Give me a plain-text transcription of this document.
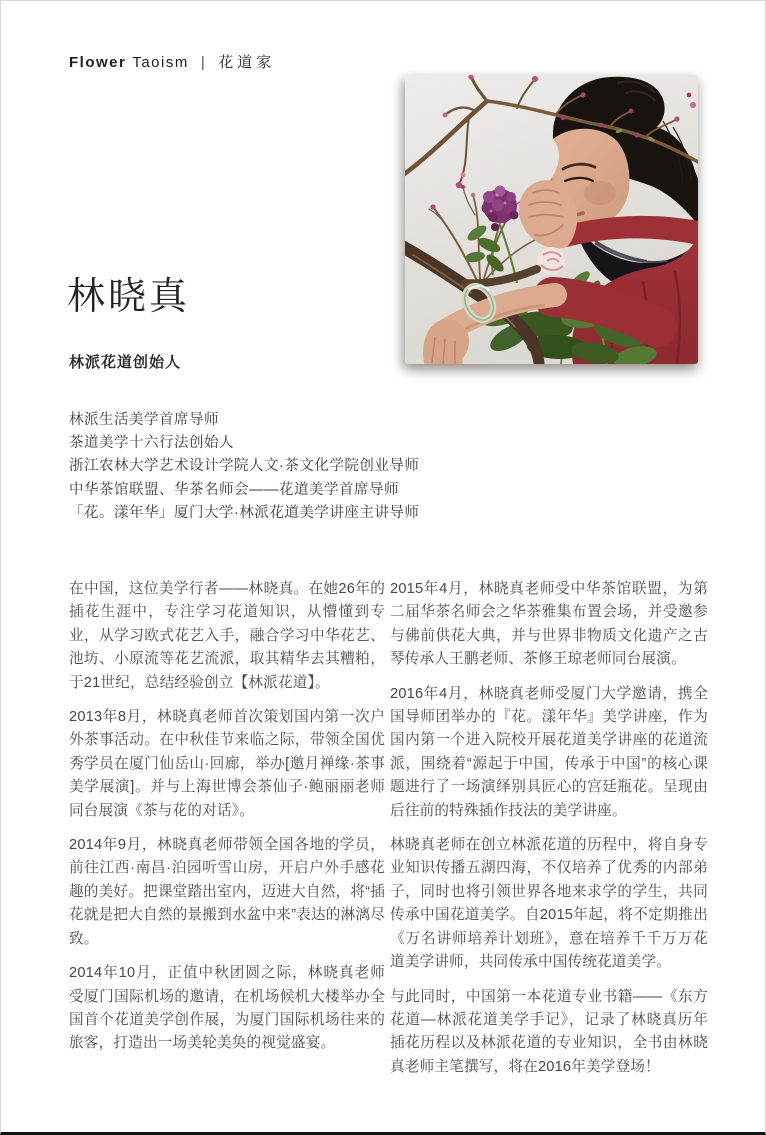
Flower Taoism | 花道家
林晓真
林派花道创始人
林派生活美学首席导师
茶道美学十六行法创始人
浙江农林大学艺术设计学院人文·茶文化学院创业导师
中华茶馆联盟、华茶名师会——花道美学首席导师
「花。漾年华」厦门大学·林派花道美学讲座主讲导师

在中国，这位美学行者——林晓真。在她26年的插花生涯中，专注学习花道知识，从懵懂到专业，从学习欧式花艺入手，融合学习中华花艺、池坊、小原流等花艺流派，取其精华去其糟粕，于21世纪，总结经验创立【林派花道】。

2013年8月，林晓真老师首次策划国内第一次户外茶事活动。在中秋佳节来临之际，带领全国优秀学员在厦门仙岳山·回廊，举办[邀月禅缘·茶事美学展演]。并与上海世博会茶仙子·鲍丽丽老师同台展演《茶与花的对话》。

2014年9月，林晓真老师带领全国各地的学员，前往江西·南昌·泊园听雪山房，开启户外手感花趣的美好。把课堂踏出室内，迈进大自然，将“插花就是把大自然的景搬到水盆中来”表达的淋漓尽致。

2014年10月，正值中秋团圆之际，林晓真老师受厦门国际机场的邀请，在机场候机大楼举办全国首个花道美学创作展，为厦门国际机场往来的旅客，打造出一场美轮美奂的视觉盛宴。

2015年4月，林晓真老师受中华茶馆联盟，为第二届华茶名师会之华茶雅集布置会场，并受邀参与佛前供花大典，并与世界非物质文化遗产之古琴传承人王鹏老师、茶修王琼老师同台展演。

2016年4月，林晓真老师受厦门大学邀请，携全国导师团举办的『花。漾年华』美学讲座，作为国内第一个进入院校开展花道美学讲座的花道流派，围绕着“源起于中国，传承于中国”的核心课题进行了一场演绎别具匠心的宫廷瓶花。呈现由后往前的特殊插作技法的美学讲座。

林晓真老师在创立林派花道的历程中，将自身专业知识传播五湖四海，不仅培养了优秀的内部弟子，同时也将引领世界各地来求学的学生，共同传承中国花道美学。自2015年起，将不定期推出《万名讲师培养计划班》，意在培养千千万万花道美学讲师，共同传承中国传统花道美学。

与此同时，中国第一本花道专业书籍——《东方花道—林派花道美学手记》，记录了林晓真历年插花历程以及林派花道的专业知识，全书由林晓真老师主笔撰写，将在2016年美学登场！
